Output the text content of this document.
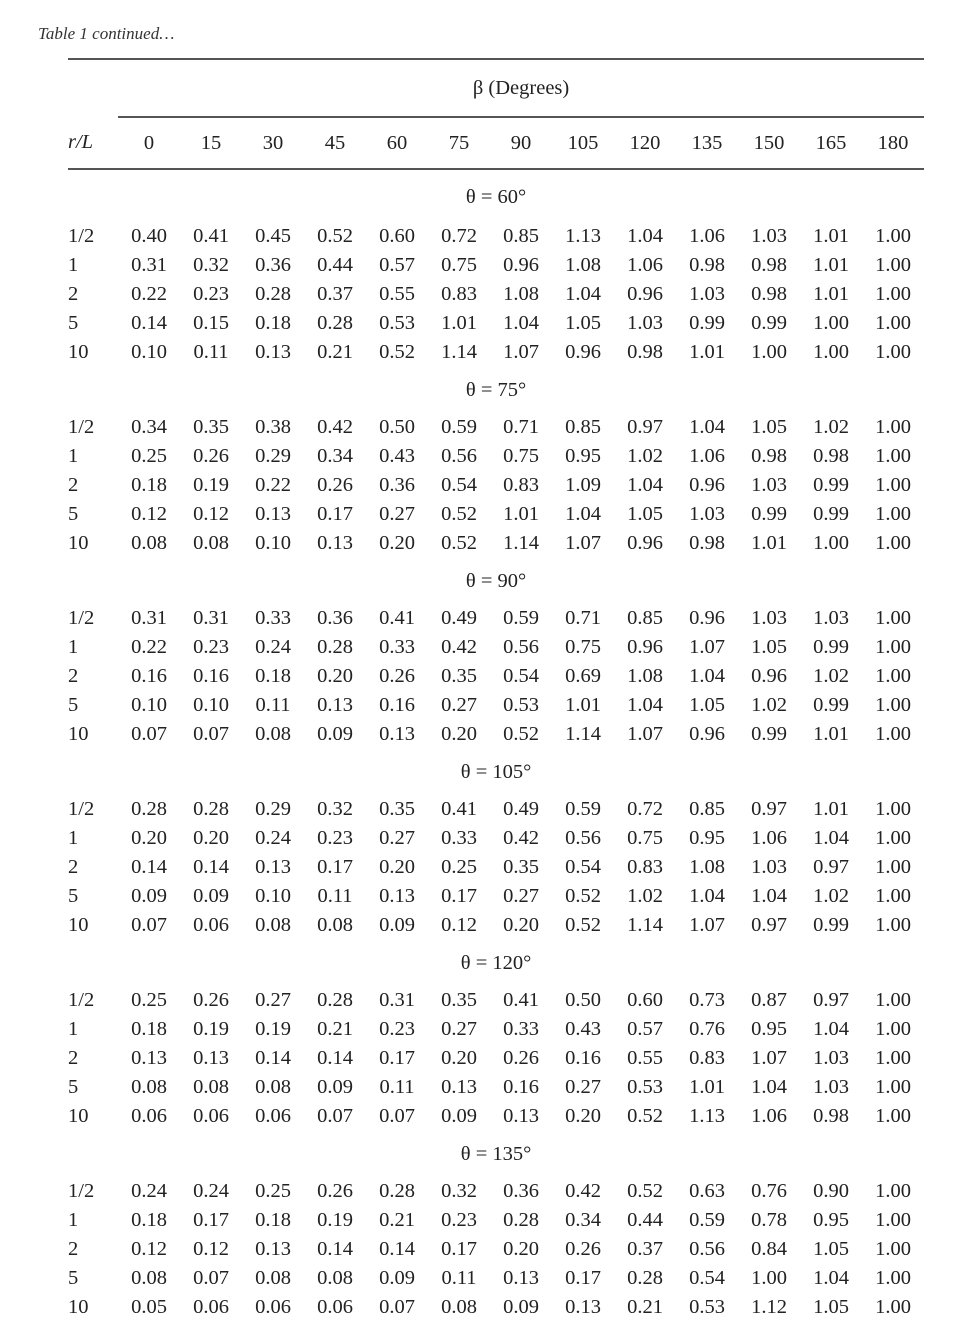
Table 1 continued…
	β (Degrees)												
r/L	0	15	30	45	60	75	90	105	120	135	150	165	180
θ = 60°													
1/2	0.40	0.41	0.45	0.52	0.60	0.72	0.85	1.13	1.04	1.06	1.03	1.01	1.00
1	0.31	0.32	0.36	0.44	0.57	0.75	0.96	1.08	1.06	0.98	0.98	1.01	1.00
2	0.22	0.23	0.28	0.37	0.55	0.83	1.08	1.04	0.96	1.03	0.98	1.01	1.00
5	0.14	0.15	0.18	0.28	0.53	1.01	1.04	1.05	1.03	0.99	0.99	1.00	1.00
10	0.10	0.11	0.13	0.21	0.52	1.14	1.07	0.96	0.98	1.01	1.00	1.00	1.00
θ = 75°													
1/2	0.34	0.35	0.38	0.42	0.50	0.59	0.71	0.85	0.97	1.04	1.05	1.02	1.00
1	0.25	0.26	0.29	0.34	0.43	0.56	0.75	0.95	1.02	1.06	0.98	0.98	1.00
2	0.18	0.19	0.22	0.26	0.36	0.54	0.83	1.09	1.04	0.96	1.03	0.99	1.00
5	0.12	0.12	0.13	0.17	0.27	0.52	1.01	1.04	1.05	1.03	0.99	0.99	1.00
10	0.08	0.08	0.10	0.13	0.20	0.52	1.14	1.07	0.96	0.98	1.01	1.00	1.00
θ = 90°													
1/2	0.31	0.31	0.33	0.36	0.41	0.49	0.59	0.71	0.85	0.96	1.03	1.03	1.00
1	0.22	0.23	0.24	0.28	0.33	0.42	0.56	0.75	0.96	1.07	1.05	0.99	1.00
2	0.16	0.16	0.18	0.20	0.26	0.35	0.54	0.69	1.08	1.04	0.96	1.02	1.00
5	0.10	0.10	0.11	0.13	0.16	0.27	0.53	1.01	1.04	1.05	1.02	0.99	1.00
10	0.07	0.07	0.08	0.09	0.13	0.20	0.52	1.14	1.07	0.96	0.99	1.01	1.00
θ = 105°													
1/2	0.28	0.28	0.29	0.32	0.35	0.41	0.49	0.59	0.72	0.85	0.97	1.01	1.00
1	0.20	0.20	0.24	0.23	0.27	0.33	0.42	0.56	0.75	0.95	1.06	1.04	1.00
2	0.14	0.14	0.13	0.17	0.20	0.25	0.35	0.54	0.83	1.08	1.03	0.97	1.00
5	0.09	0.09	0.10	0.11	0.13	0.17	0.27	0.52	1.02	1.04	1.04	1.02	1.00
10	0.07	0.06	0.08	0.08	0.09	0.12	0.20	0.52	1.14	1.07	0.97	0.99	1.00
θ = 120°													
1/2	0.25	0.26	0.27	0.28	0.31	0.35	0.41	0.50	0.60	0.73	0.87	0.97	1.00
1	0.18	0.19	0.19	0.21	0.23	0.27	0.33	0.43	0.57	0.76	0.95	1.04	1.00
2	0.13	0.13	0.14	0.14	0.17	0.20	0.26	0.16	0.55	0.83	1.07	1.03	1.00
5	0.08	0.08	0.08	0.09	0.11	0.13	0.16	0.27	0.53	1.01	1.04	1.03	1.00
10	0.06	0.06	0.06	0.07	0.07	0.09	0.13	0.20	0.52	1.13	1.06	0.98	1.00
θ = 135°													
1/2	0.24	0.24	0.25	0.26	0.28	0.32	0.36	0.42	0.52	0.63	0.76	0.90	1.00
1	0.18	0.17	0.18	0.19	0.21	0.23	0.28	0.34	0.44	0.59	0.78	0.95	1.00
2	0.12	0.12	0.13	0.14	0.14	0.17	0.20	0.26	0.37	0.56	0.84	1.05	1.00
5	0.08	0.07	0.08	0.08	0.09	0.11	0.13	0.17	0.28	0.54	1.00	1.04	1.00
10	0.05	0.06	0.06	0.06	0.07	0.08	0.09	0.13	0.21	0.53	1.12	1.05	1.00
